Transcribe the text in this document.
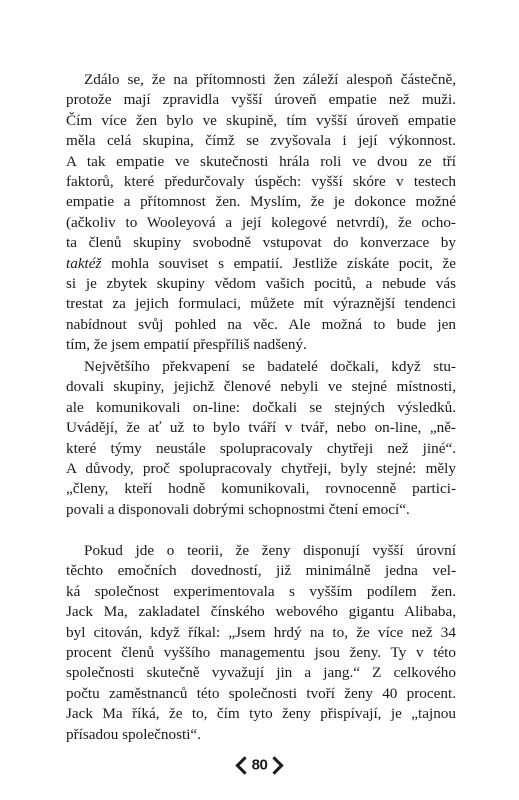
Zdálo se, že na přítomnosti žen záleží alespoň částečně,
protože mají zpravidla vyšší úroveň empatie než muži.
Čím více žen bylo ve skupině, tím vyšší úroveň empatie
měla celá skupina, čímž se zvyšovala i její výkonnost.
A tak empatie ve skutečnosti hrála roli ve dvou ze tří
faktorů, které předurčovaly úspěch: vyšší skóre v testech
empatie a přítomnost žen. Myslím, že je dokonce možné
(ačkoliv to Wooleyová a její kolegové netvrdí), že ocho-
ta členů skupiny svobodně vstupovat do konverzace by
taktéž mohla souviset s empatií. Jestliže získáte pocit, že
si je zbytek skupiny vědom vašich pocitů, a nebude vás
trestat za jejich formulaci, můžete mít výraznější tendenci
nabídnout svůj pohled na věc. Ale možná to bude jen
tím, že jsem empatií přespříliš nadšený.

Největšího překvapení se badatelé dočkali, když stu-
dovali skupiny, jejichž členové nebyli ve stejné místnosti,
ale komunikovali on-line: dočkali se stejných výsledků.
Uvádějí, že ať už to bylo tváří v tvář, nebo on-line, „ně-
které týmy neustále spolupracovaly chytřeji než jiné“.
A důvody, proč spolupracovaly chytřeji, byly stejné: měly
„členy, kteří hodně komunikovali, rovnocenně partici-
povali a disponovali dobrými schopnostmi čtení emocí“.

Pokud jde o teorii, že ženy disponují vyšší úrovní
těchto emočních dovedností, již minimálně jedna vel-
ká společnost experimentovala s vyšším podílem žen.
Jack Ma, zakladatel čínského webového gigantu Alibaba,
byl citován, když říkal: „Jsem hrdý na to, že více než 34
procent členů vyššího managementu jsou ženy. Ty v této
společnosti skutečně vyvažují jin a jang.“ Z celkového
počtu zaměstnanců této společnosti tvoří ženy 40 procent.
Jack Ma říká, že to, čím tyto ženy přispívají, je „tajnou
přísadou společnosti“.

80
